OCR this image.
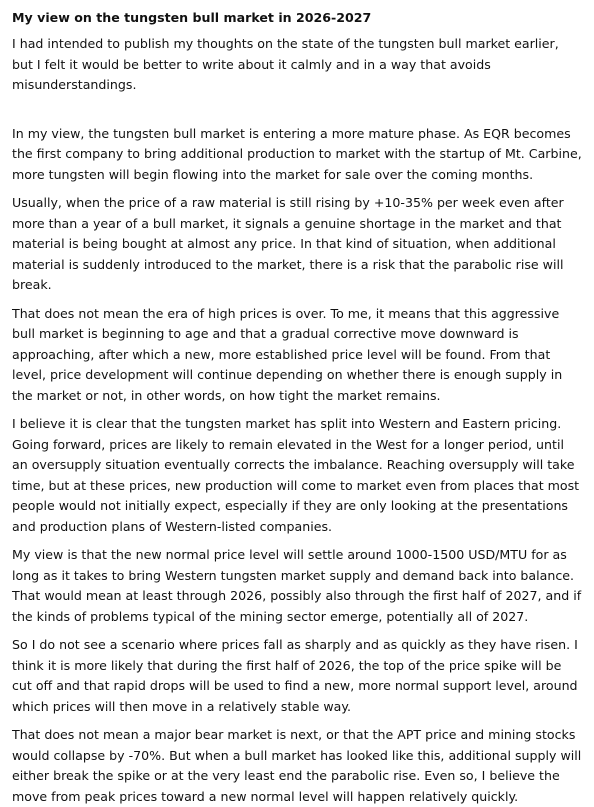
My view on the tungsten bull market in 2026-2027

I had intended to publish my thoughts on the state of the tungsten bull market earlier, but I felt it would be better to write about it calmly and in a way that avoids misunderstandings.

In my view, the tungsten bull market is entering a more mature phase. As EQR becomes the first company to bring additional production to market with the startup of Mt. Carbine, more tungsten will begin flowing into the market for sale over the coming months.

Usually, when the price of a raw material is still rising by +10-35% per week even after more than a year of a bull market, it signals a genuine shortage in the market and that material is being bought at almost any price. In that kind of situation, when additional material is suddenly introduced to the market, there is a risk that the parabolic rise will break.

That does not mean the era of high prices is over. To me, it means that this aggressive bull market is beginning to age and that a gradual corrective move downward is approaching, after which a new, more established price level will be found. From that level, price development will continue depending on whether there is enough supply in the market or not, in other words, on how tight the market remains.

I believe it is clear that the tungsten market has split into Western and Eastern pricing. Going forward, prices are likely to remain elevated in the West for a longer period, until an oversupply situation eventually corrects the imbalance. Reaching oversupply will take time, but at these prices, new production will come to market even from places that most people would not initially expect, especially if they are only looking at the presentations and production plans of Western-listed companies.

My view is that the new normal price level will settle around 1000-1500 USD/MTU for as long as it takes to bring Western tungsten market supply and demand back into balance. That would mean at least through 2026, possibly also through the first half of 2027, and if the kinds of problems typical of the mining sector emerge, potentially all of 2027.

So I do not see a scenario where prices fall as sharply and as quickly as they have risen. I think it is more likely that during the first half of 2026, the top of the price spike will be cut off and that rapid drops will be used to find a new, more normal support level, around which prices will then move in a relatively stable way.

That does not mean a major bear market is next, or that the APT price and mining stocks would collapse by -70%. But when a bull market has looked like this, additional supply will either break the spike or at the very least end the parabolic rise. Even so, I believe the move from peak prices toward a new normal level will happen relatively quickly.
